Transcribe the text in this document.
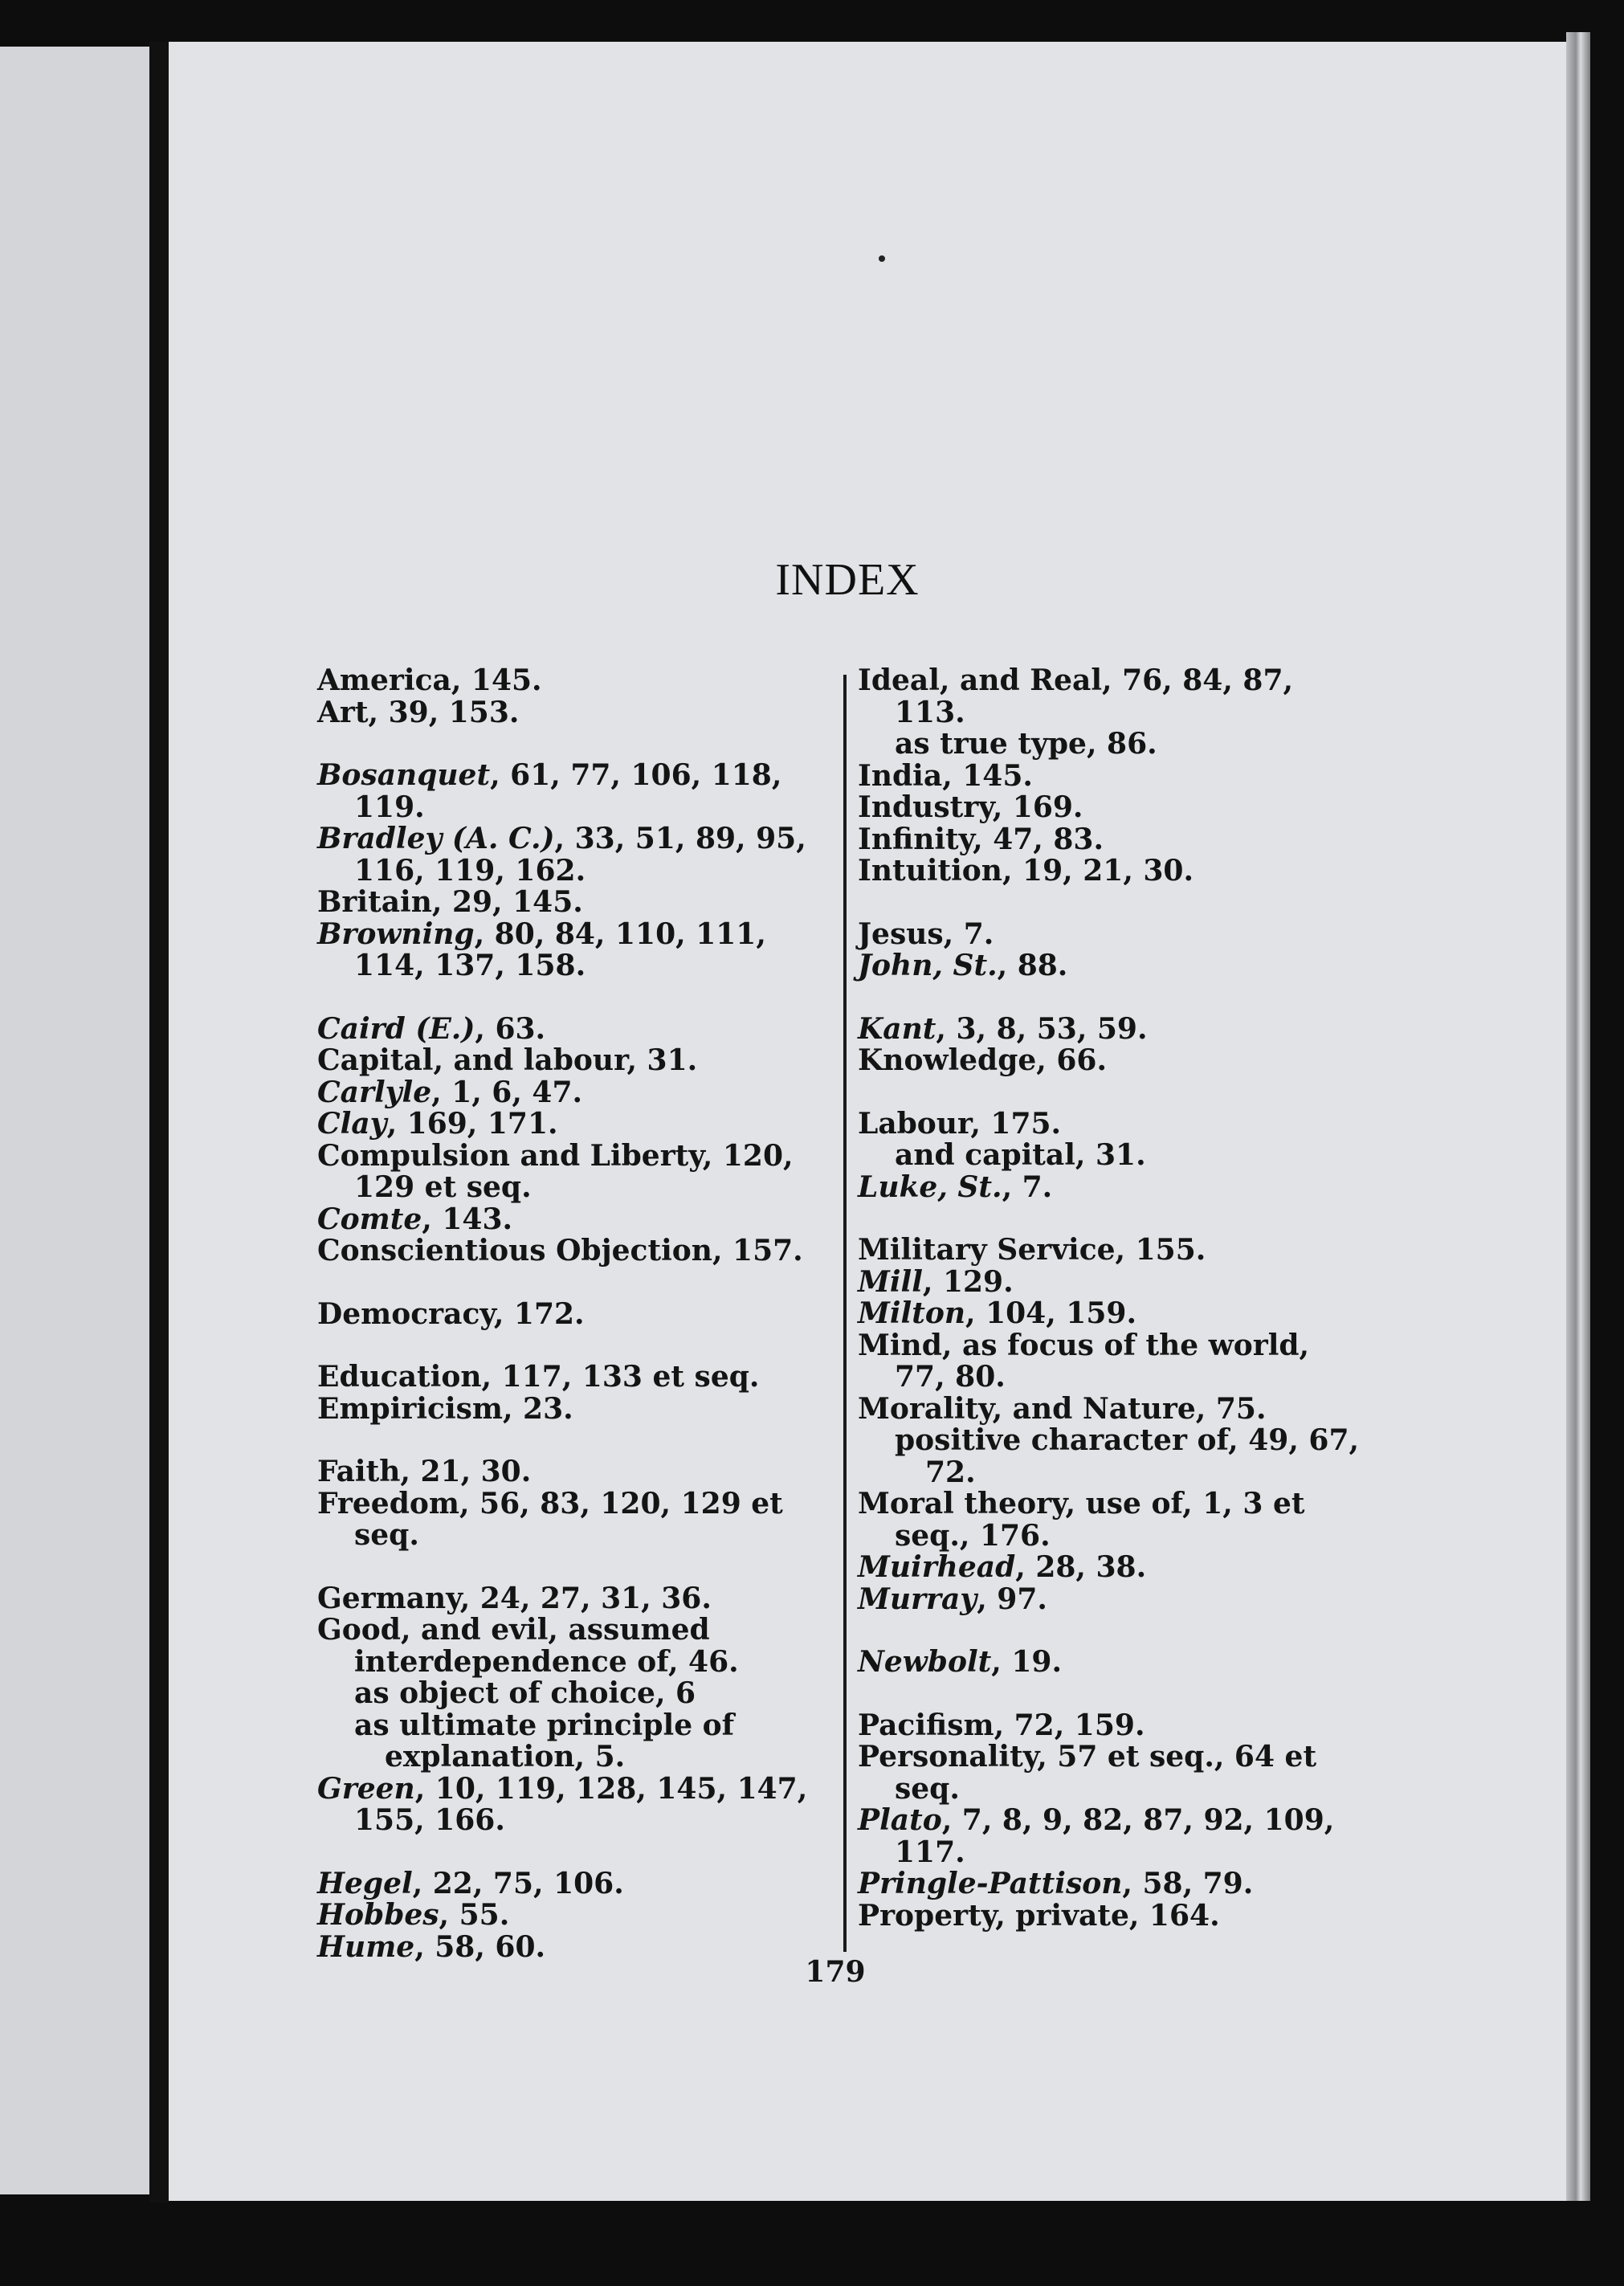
INDEX

America, 145.

Art, 39, 153.

Bosanquet, 61, 77, 106, 118, 119.

Bradley (A. C.), 33, 51, 89, 95, 116, 119, 162.

Britain, 29, 145.

Browning, 80, 84, 110, 111, 114, 137, 158.

Caird (E.), 63.

Capital, and labour, 31.

Carlyle, 1, 6, 47.

Clay, 169, 171.

Compulsion and Liberty, 120, 129 et seq.

Comte, 143.

Conscientious Objection, 157.

Democracy, 172.

Education, 117, 133 et seq.

Empiricism, 23.

Faith, 21, 30.

Freedom, 56, 83, 120, 129 et seq.

Germany, 24, 27, 31, 36.

Good, and evil, assumed interdependence of, 46.

as object of choice, 6

as ultimate principle of explanation, 5.

Green, 10, 119, 128, 145, 147, 155, 166.

Hegel, 22, 75, 106.

Hobbes, 55.

Hume, 58, 60.

Ideal, and Real, 76, 84, 87, 113.

as true type, 86.

India, 145.

Industry, 169.

Infinity, 47, 83.

Intuition, 19, 21, 30.

Jesus, 7.

John, St., 88.

Kant, 3, 8, 53, 59.

Knowledge, 66.

Labour, 175.

and capital, 31.

Luke, St., 7.

Military Service, 155.

Mill, 129.

Milton, 104, 159.

Mind, as focus of the world, 77, 80.

Morality, and Nature, 75.

positive character of, 49, 67, 72.

Moral theory, use of, 1, 3 et seq., 176.

Muirhead, 28, 38.

Murray, 97.

Newbolt, 19.

Pacifism, 72, 159.

Personality, 57 et seq., 64 et seq.

Plato, 7, 8, 9, 82, 87, 92, 109, 117.

Pringle-Pattison, 58, 79.

Property, private, 164.

179
